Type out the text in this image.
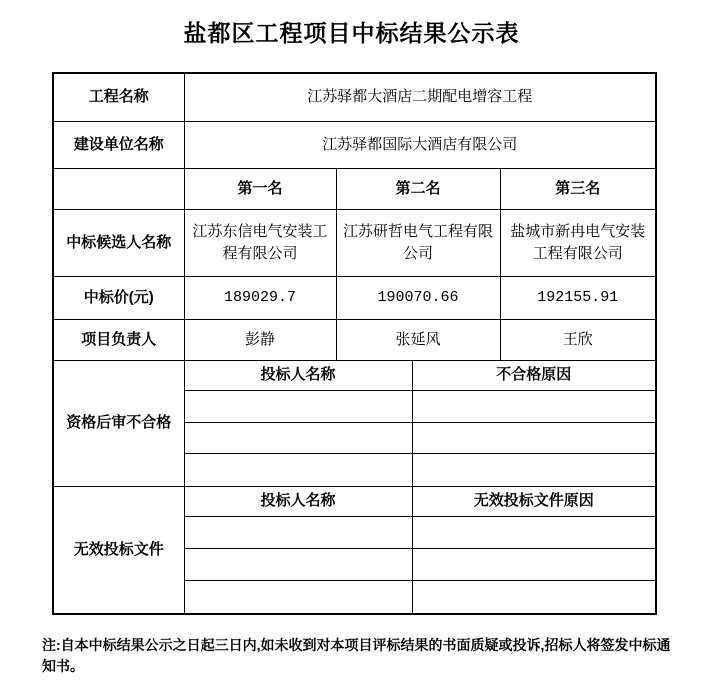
盐都区工程项目中标结果公示表
工程名称	江苏驿都大酒店二期配电增容工程			
建设单位名称	江苏驿都国际大酒店有限公司			
	第一名	第二名		第三名
中标候选人名称	江苏东信电气安装工程有限公司	江苏研哲电气工程有限公司		盐城市新冉电气安装工程有限公司
中标价(元)	189029.7	190070.66		192155.91
项目负责人	彭静	张延风		王欣
资格后审不合格	投标人名称		不合格原因	

无效投标文件	投标人名称		无效投标文件原因	

注:自本中标结果公示之日起三日内,如未收到对本项目评标结果的书面质疑或投诉,招标人将签发中标通知书。
